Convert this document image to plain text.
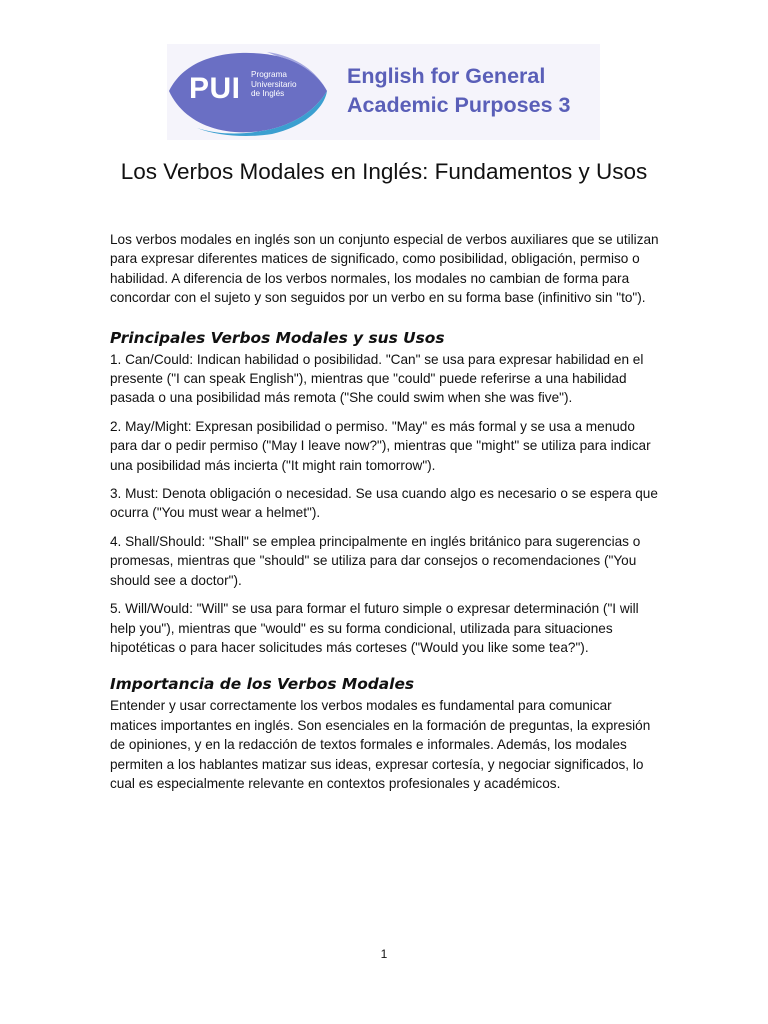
PUI Programa
Universitario
de Inglés
English for General
Academic Purposes 3
Los Verbos Modales en Inglés: Fundamentos y Usos

Los verbos modales en inglés son un conjunto especial de verbos auxiliares que se utilizan para expresar diferentes matices de significado, como posibilidad, obligación, permiso o habilidad. A diferencia de los verbos normales, los modales no cambian de forma para concordar con el sujeto y son seguidos por un verbo en su forma base (infinitivo sin "to").

Principales Verbos Modales y sus Usos

1. Can/Could: Indican habilidad o posibilidad. "Can" se usa para expresar habilidad en el presente ("I can speak English"), mientras que "could" puede referirse a una habilidad pasada o una posibilidad más remota ("She could swim when she was five").

2. May/Might: Expresan posibilidad o permiso. "May" es más formal y se usa a menudo para dar o pedir permiso ("May I leave now?"), mientras que "might" se utiliza para indicar una posibilidad más incierta ("It might rain tomorrow").

3. Must: Denota obligación o necesidad. Se usa cuando algo es necesario o se espera que ocurra ("You must wear a helmet").

4. Shall/Should: "Shall" se emplea principalmente en inglés británico para sugerencias o promesas, mientras que "should" se utiliza para dar consejos o recomendaciones ("You should see a doctor").

5. Will/Would: "Will" se usa para formar el futuro simple o expresar determinación ("I will help you"), mientras que "would" es su forma condicional, utilizada para situaciones hipotéticas o para hacer solicitudes más corteses ("Would you like some tea?").

Importancia de los Verbos Modales

Entender y usar correctamente los verbos modales es fundamental para comunicar matices importantes en inglés. Son esenciales en la formación de preguntas, la expresión de opiniones, y en la redacción de textos formales e informales. Además, los modales permiten a los hablantes matizar sus ideas, expresar cortesía, y negociar significados, lo cual es especialmente relevante en contextos profesionales y académicos.

1
